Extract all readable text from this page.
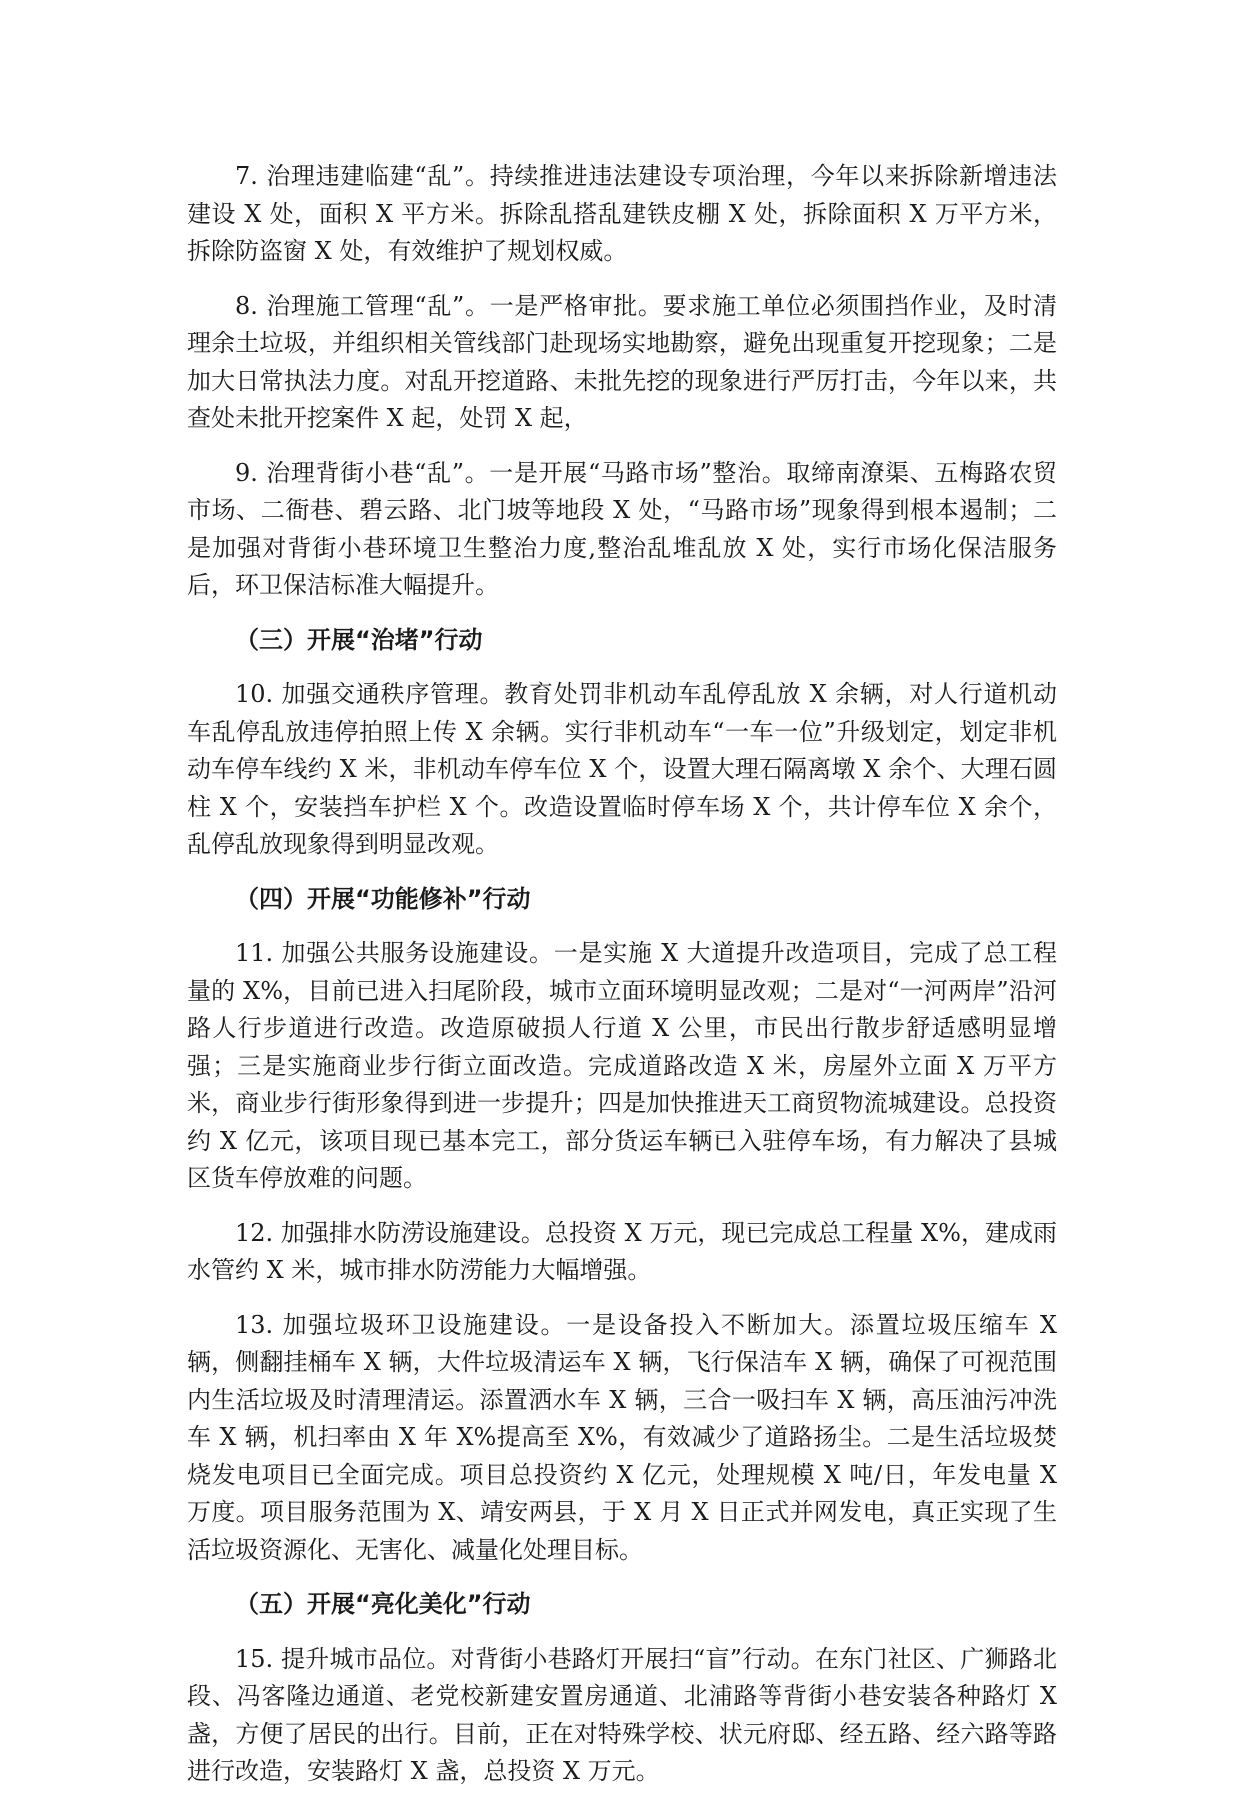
7. 治理违建临建“乱”。持续推进违法建设专项治理，今年以来拆除新增违法建设 X 处，面积 X 平方米。拆除乱搭乱建铁皮棚 X 处，拆除面积 X 万平方米，拆除防盗窗 X 处，有效维护了规划权威。

8. 治理施工管理“乱”。一是严格审批。要求施工单位必须围挡作业，及时清理余土垃圾，并组织相关管线部门赴现场实地勘察，避免出现重复开挖现象；二是加大日常执法力度。对乱开挖道路、未批先挖的现象进行严厉打击，今年以来，共查处未批开挖案件 X 起，处罚 X 起，

9. 治理背街小巷“乱”。一是开展“马路市场”整治。取缔南潦渠、五梅路农贸市场、二衙巷、碧云路、北门坡等地段 X 处，“马路市场”现象得到根本遏制；二是加强对背街小巷环境卫生整治力度,整治乱堆乱放 X 处，实行市场化保洁服务后，环卫保洁标准大幅提升。

（三）开展“治堵”行动

10. 加强交通秩序管理。教育处罚非机动车乱停乱放 X 余辆，对人行道机动车乱停乱放违停拍照上传 X 余辆。实行非机动车“一车一位”升级划定，划定非机动车停车线约 X 米，非机动车停车位 X 个，设置大理石隔离墩 X 余个、大理石圆柱 X 个，安装挡车护栏 X 个。改造设置临时停车场 X 个，共计停车位 X 余个，乱停乱放现象得到明显改观。

（四）开展“功能修补”行动

11. 加强公共服务设施建设。一是实施 X 大道提升改造项目，完成了总工程量的 X%，目前已进入扫尾阶段，城市立面环境明显改观；二是对“一河两岸”沿河路人行步道进行改造。改造原破损人行道 X 公里，市民出行散步舒适感明显增强；三是实施商业步行街立面改造。完成道路改造 X 米，房屋外立面 X 万平方米，商业步行街形象得到进一步提升；四是加快推进天工商贸物流城建设。总投资约 X 亿元，该项目现已基本完工，部分货运车辆已入驻停车场，有力解决了县城区货车停放难的问题。

12. 加强排水防涝设施建设。总投资 X 万元，现已完成总工程量 X%，建成雨水管约 X 米，城市排水防涝能力大幅增强。

13. 加强垃圾环卫设施建设。一是设备投入不断加大。添置垃圾压缩车 X 辆，侧翻挂桶车 X 辆，大件垃圾清运车 X 辆，飞行保洁车 X 辆，确保了可视范围内生活垃圾及时清理清运。添置洒水车 X 辆，三合一吸扫车 X 辆，高压油污冲洗车 X 辆，机扫率由 X 年 X%提高至 X%，有效减少了道路扬尘。二是生活垃圾焚烧发电项目已全面完成。项目总投资约 X 亿元，处理规模 X 吨/日，年发电量 X 万度。项目服务范围为 X、靖安两县，于 X 月 X 日正式并网发电，真正实现了生活垃圾资源化、无害化、减量化处理目标。

（五）开展“亮化美化”行动

15. 提升城市品位。对背街小巷路灯开展扫“盲”行动。在东门社区、广狮路北段、冯客隆边通道、老党校新建安置房通道、北浦路等背街小巷安装各种路灯 X 盏，方便了居民的出行。目前，正在对特殊学校、状元府邸、经五路、经六路等路进行改造，安装路灯 X 盏，总投资 X 万元。
